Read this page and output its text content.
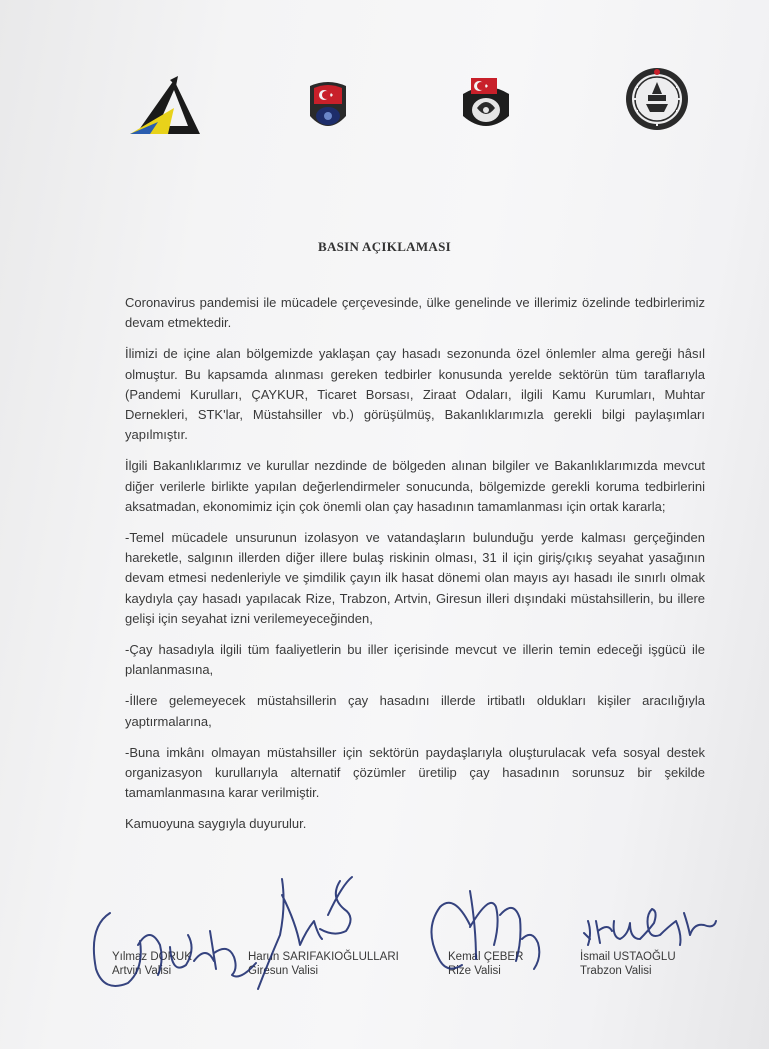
BASIN AÇIKLAMASI

Coronavirus pandemisi ile mücadele çerçevesinde, ülke genelinde ve illerimiz özelinde tedbirlerimiz devam etmektedir.

İlimizi de içine alan bölgemizde yaklaşan çay hasadı sezonunda özel önlemler alma gereği hâsıl olmuştur. Bu kapsamda alınması gereken tedbirler konusunda yerelde sektörün tüm taraflarıyla (Pandemi Kurulları, ÇAYKUR, Ticaret Borsası, Ziraat Odaları, ilgili Kamu Kurumları, Muhtar Dernekleri, STK'lar, Müstahsiller vb.) görüşülmüş, Bakanlıklarımızla gerekli bilgi paylaşımları yapılmıştır.

İlgili Bakanlıklarımız ve kurullar nezdinde de bölgeden alınan bilgiler ve Bakanlıklarımızda mevcut diğer verilerle birlikte yapılan değerlendirmeler sonucunda, bölgemizde gerekli koruma tedbirlerini aksatmadan, ekonomimiz için çok önemli olan çay hasadının tamamlanması için ortak kararla;

-Temel mücadele unsurunun izolasyon ve vatandaşların bulunduğu yerde kalması gerçeğinden hareketle, salgının illerden diğer illere bulaş riskinin olması, 31 il için giriş/çıkış seyahat yasağının devam etmesi nedenleriyle ve şimdilik çayın ilk hasat dönemi olan mayıs ayı hasadı ile sınırlı olmak kaydıyla çay hasadı yapılacak Rize, Trabzon, Artvin, Giresun illeri dışındaki müstahsillerin, bu illere gelişi için seyahat izni verilemeyeceğinden,

-Çay hasadıyla ilgili tüm faaliyetlerin bu iller içerisinde mevcut ve illerin temin edeceği işgücü ile planlanmasına,

-İllere gelemeyecek müstahsillerin çay hasadını illerde irtibatlı oldukları kişiler aracılığıyla yaptırmalarına,

-Buna imkânı olmayan müstahsiller için sektörün paydaşlarıyla oluşturulacak vefa sosyal destek organizasyon kurullarıyla alternatif çözümler üretilip çay hasadının sorunsuz bir şekilde tamamlanmasına karar verilmiştir.

Kamuoyuna saygıyla duyurulur.

Yılmaz DORUK
Artvin Valisi
Harun SARIFAKIOĞLULLARI
Giresun Valisi
Kemal ÇEBER
Rize Valisi
İsmail USTAOĞLU
Trabzon Valisi
